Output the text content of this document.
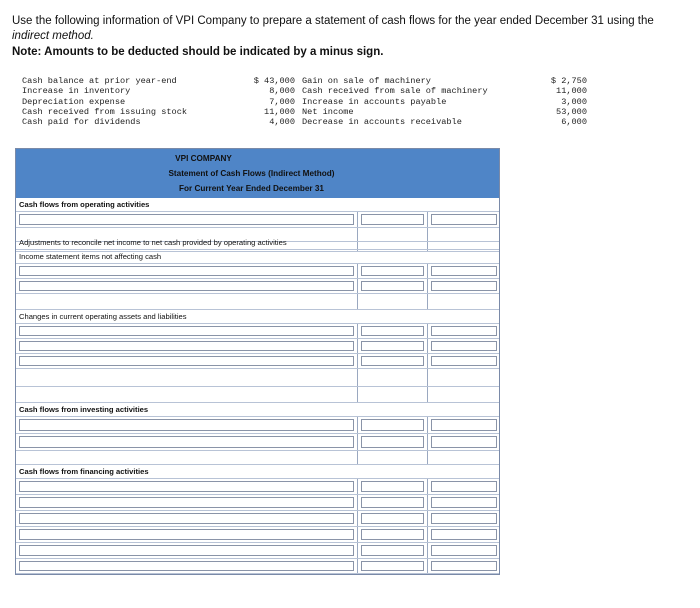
Use the following information of VPI Company to prepare a statement of cash flows for the year ended December 31 using the indirect method.
Note: Amounts to be deducted should be indicated by a minus sign.
Cash balance at prior year-end
Increase in inventory
Depreciation expense
Cash received from issuing stock
Cash paid for dividends
$ 43,000
8,000
7,000
11,000
4,000
Gain on sale of machinery
Cash received from sale of machinery
Increase in accounts payable
Net income
Decrease in accounts receivable
$ 2,750
11,000
3,000
53,000
6,000
VPI COMPANY
Statement of Cash Flows (Indirect Method)
For Current Year Ended December 31
Cash flows from operating activities
Adjustments to reconcile net income to net cash provided by operating activities
Income statement items not affecting cash
Changes in current operating assets and liabilities
Cash flows from investing activities
Cash flows from financing activities
